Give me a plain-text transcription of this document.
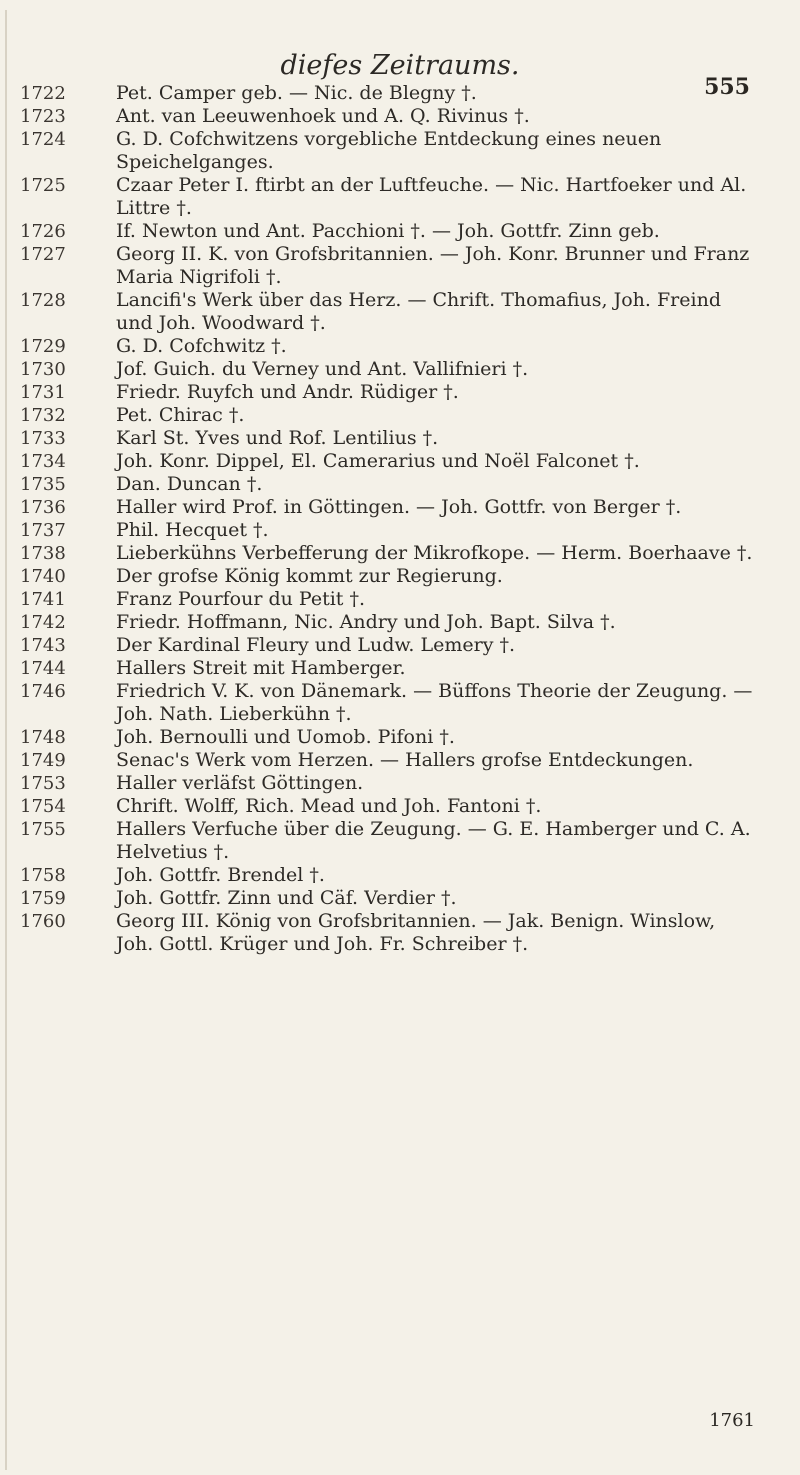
diefes Zeitraums.
555
1722	Pet. Camper geb. — Nic. de Blegny †.
1723	Ant. van Leeuwenhoek und A. Q. Rivinus †.
1724	G. D. Cofchwitzens vorgebliche Entdeckung eines neuen Speichelganges.
1725	Czaar Peter I. ftirbt an der Luftfeuche. — Nic. Hartfoeker und Al. Littre †.
1726	If. Newton und Ant. Pacchioni †. — Joh. Gottfr. Zinn geb.
1727	Georg II. K. von Grofsbritannien. — Joh. Konr. Brunner und Franz Maria Nigrifoli †.
1728	Lancifi's Werk über das Herz. — Chrift. Thomafius, Joh. Freind und Joh. Woodward †.
1729	G. D. Cofchwitz †.
1730	Jof. Guich. du Verney und Ant. Vallifnieri †.
1731	Friedr. Ruyfch und Andr. Rüdiger †.
1732	Pet. Chirac †.
1733	Karl St. Yves und Rof. Lentilius †.
1734	Joh. Konr. Dippel, El. Camerarius und Noël Falconet †.
1735	Dan. Duncan †.
1736	Haller wird Prof. in Göttingen. — Joh. Gottfr. von Berger †.
1737	Phil. Hecquet †.
1738	Lieberkühns Verbefferung der Mikrofkope. — Herm. Boerhaave †.
1740	Der grofse König kommt zur Regierung.
1741	Franz Pourfour du Petit †.
1742	Friedr. Hoffmann, Nic. Andry und Joh. Bapt. Silva †.
1743	Der Kardinal Fleury und Ludw. Lemery †.
1744	Hallers Streit mit Hamberger.
1746	Friedrich V. K. von Dänemark. — Büffons Theorie der Zeugung. — Joh. Nath. Lieberkühn †.
1748	Joh. Bernoulli und Uomob. Pifoni †.
1749	Senac's Werk vom Herzen. — Hallers grofse Entdeckungen.
1753	Haller verläfst Göttingen.
1754	Chrift. Wolff, Rich. Mead und Joh. Fantoni †.
1755	Hallers Verfuche über die Zeugung. — G. E. Hamberger und C. A. Helvetius †.
1758	Joh. Gottfr. Brendel †.
1759	Joh. Gottfr. Zinn und Cäf. Verdier †.
1760	Georg III. König von Grofsbritannien. — Jak. Benign. Winslow, Joh. Gottl. Krüger und Joh. Fr. Schreiber †.
1761
